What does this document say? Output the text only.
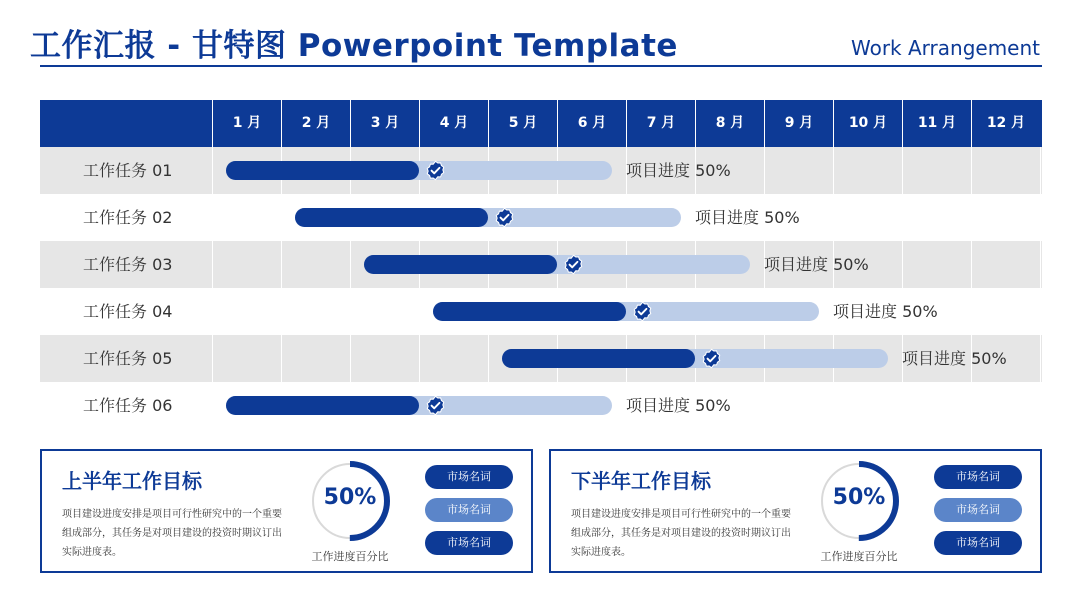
工作汇报 - 甘特图 Powerpoint Template	Work Arrangement
1 月	2 月	3 月	4 月	5 月	6 月	7 月	8 月	9 月	10 月	11 月	12 月
工作任务 01	项目进度 50%
工作任务 02	项目进度 50%
工作任务 03	项目进度 50%
工作任务 04	项目进度 50%
工作任务 05	项目进度 50%
工作任务 06	项目进度 50%
上半年工作目标
项目建设进度安排是项目可行性研究中的一个重要组成部分，其任务是对项目建设的投资时期议订出实际进度表。
50%
工作进度百分比
市场名词
市场名词
市场名词
下半年工作目标
项目建设进度安排是项目可行性研究中的一个重要组成部分，其任务是对项目建设的投资时期议订出实际进度表。
50%
工作进度百分比
市场名词
市场名词
市场名词
